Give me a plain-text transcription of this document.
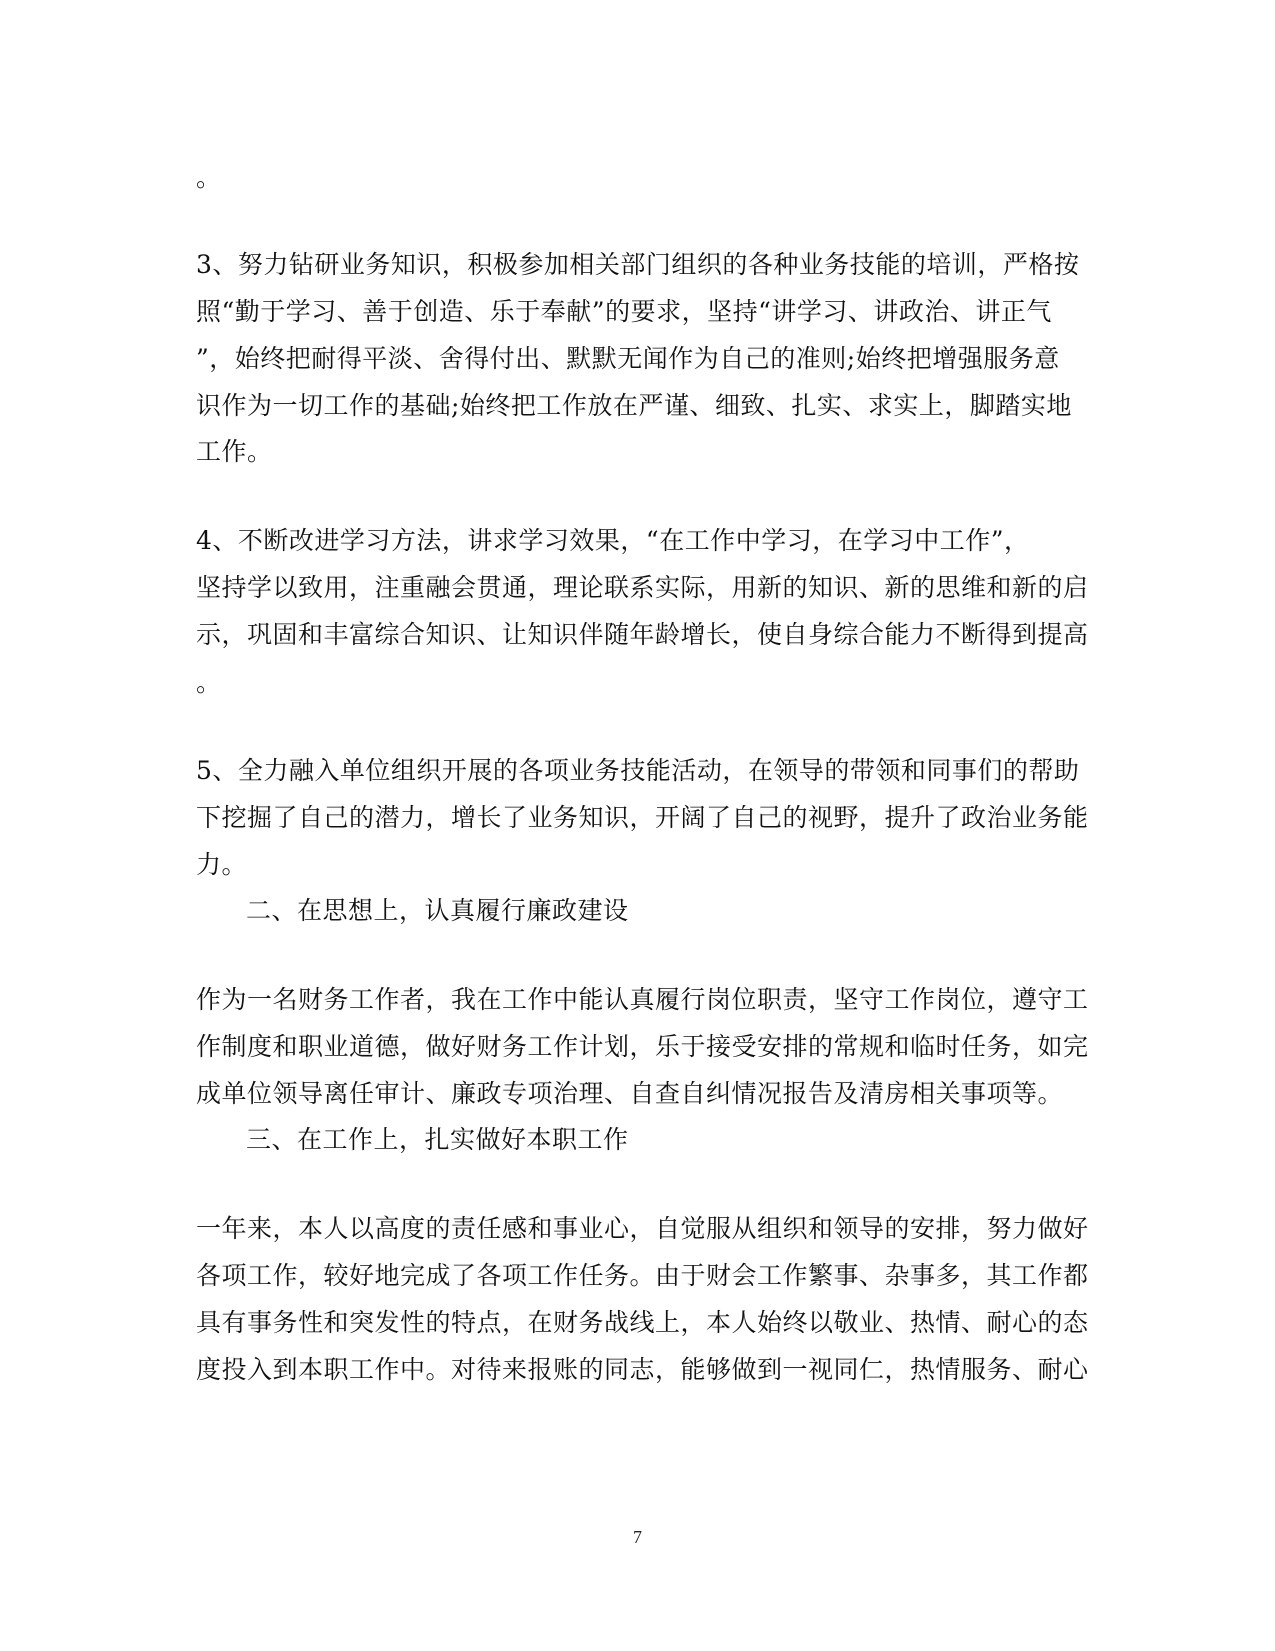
。
3、努力钻研业务知识，积极参加相关部门组织的各种业务技能的培训，严格按
照“勤于学习、善于创造、乐于奉献”的要求，坚持“讲学习、讲政治、讲正气
”，始终把耐得平淡、舍得付出、默默无闻作为自己的准则;始终把增强服务意
识作为一切工作的基础;始终把工作放在严谨、细致、扎实、求实上，脚踏实地
工作。
4、不断改进学习方法，讲求学习效果，“在工作中学习，在学习中工作”，
坚持学以致用，注重融会贯通，理论联系实际，用新的知识、新的思维和新的启
示，巩固和丰富综合知识、让知识伴随年龄增长，使自身综合能力不断得到提高
。
5、全力融入单位组织开展的各项业务技能活动，在领导的带领和同事们的帮助
下挖掘了自己的潜力，增长了业务知识，开阔了自己的视野，提升了政治业务能
力。
二、在思想上，认真履行廉政建设
作为一名财务工作者，我在工作中能认真履行岗位职责，坚守工作岗位，遵守工
作制度和职业道德，做好财务工作计划，乐于接受安排的常规和临时任务，如完
成单位领导离任审计、廉政专项治理、自查自纠情况报告及清房相关事项等。
三、在工作上，扎实做好本职工作
一年来，本人以高度的责任感和事业心，自觉服从组织和领导的安排，努力做好
各项工作，较好地完成了各项工作任务。由于财会工作繁事、杂事多，其工作都
具有事务性和突发性的特点，在财务战线上，本人始终以敬业、热情、耐心的态
度投入到本职工作中。对待来报账的同志，能够做到一视同仁，热情服务、耐心
7
